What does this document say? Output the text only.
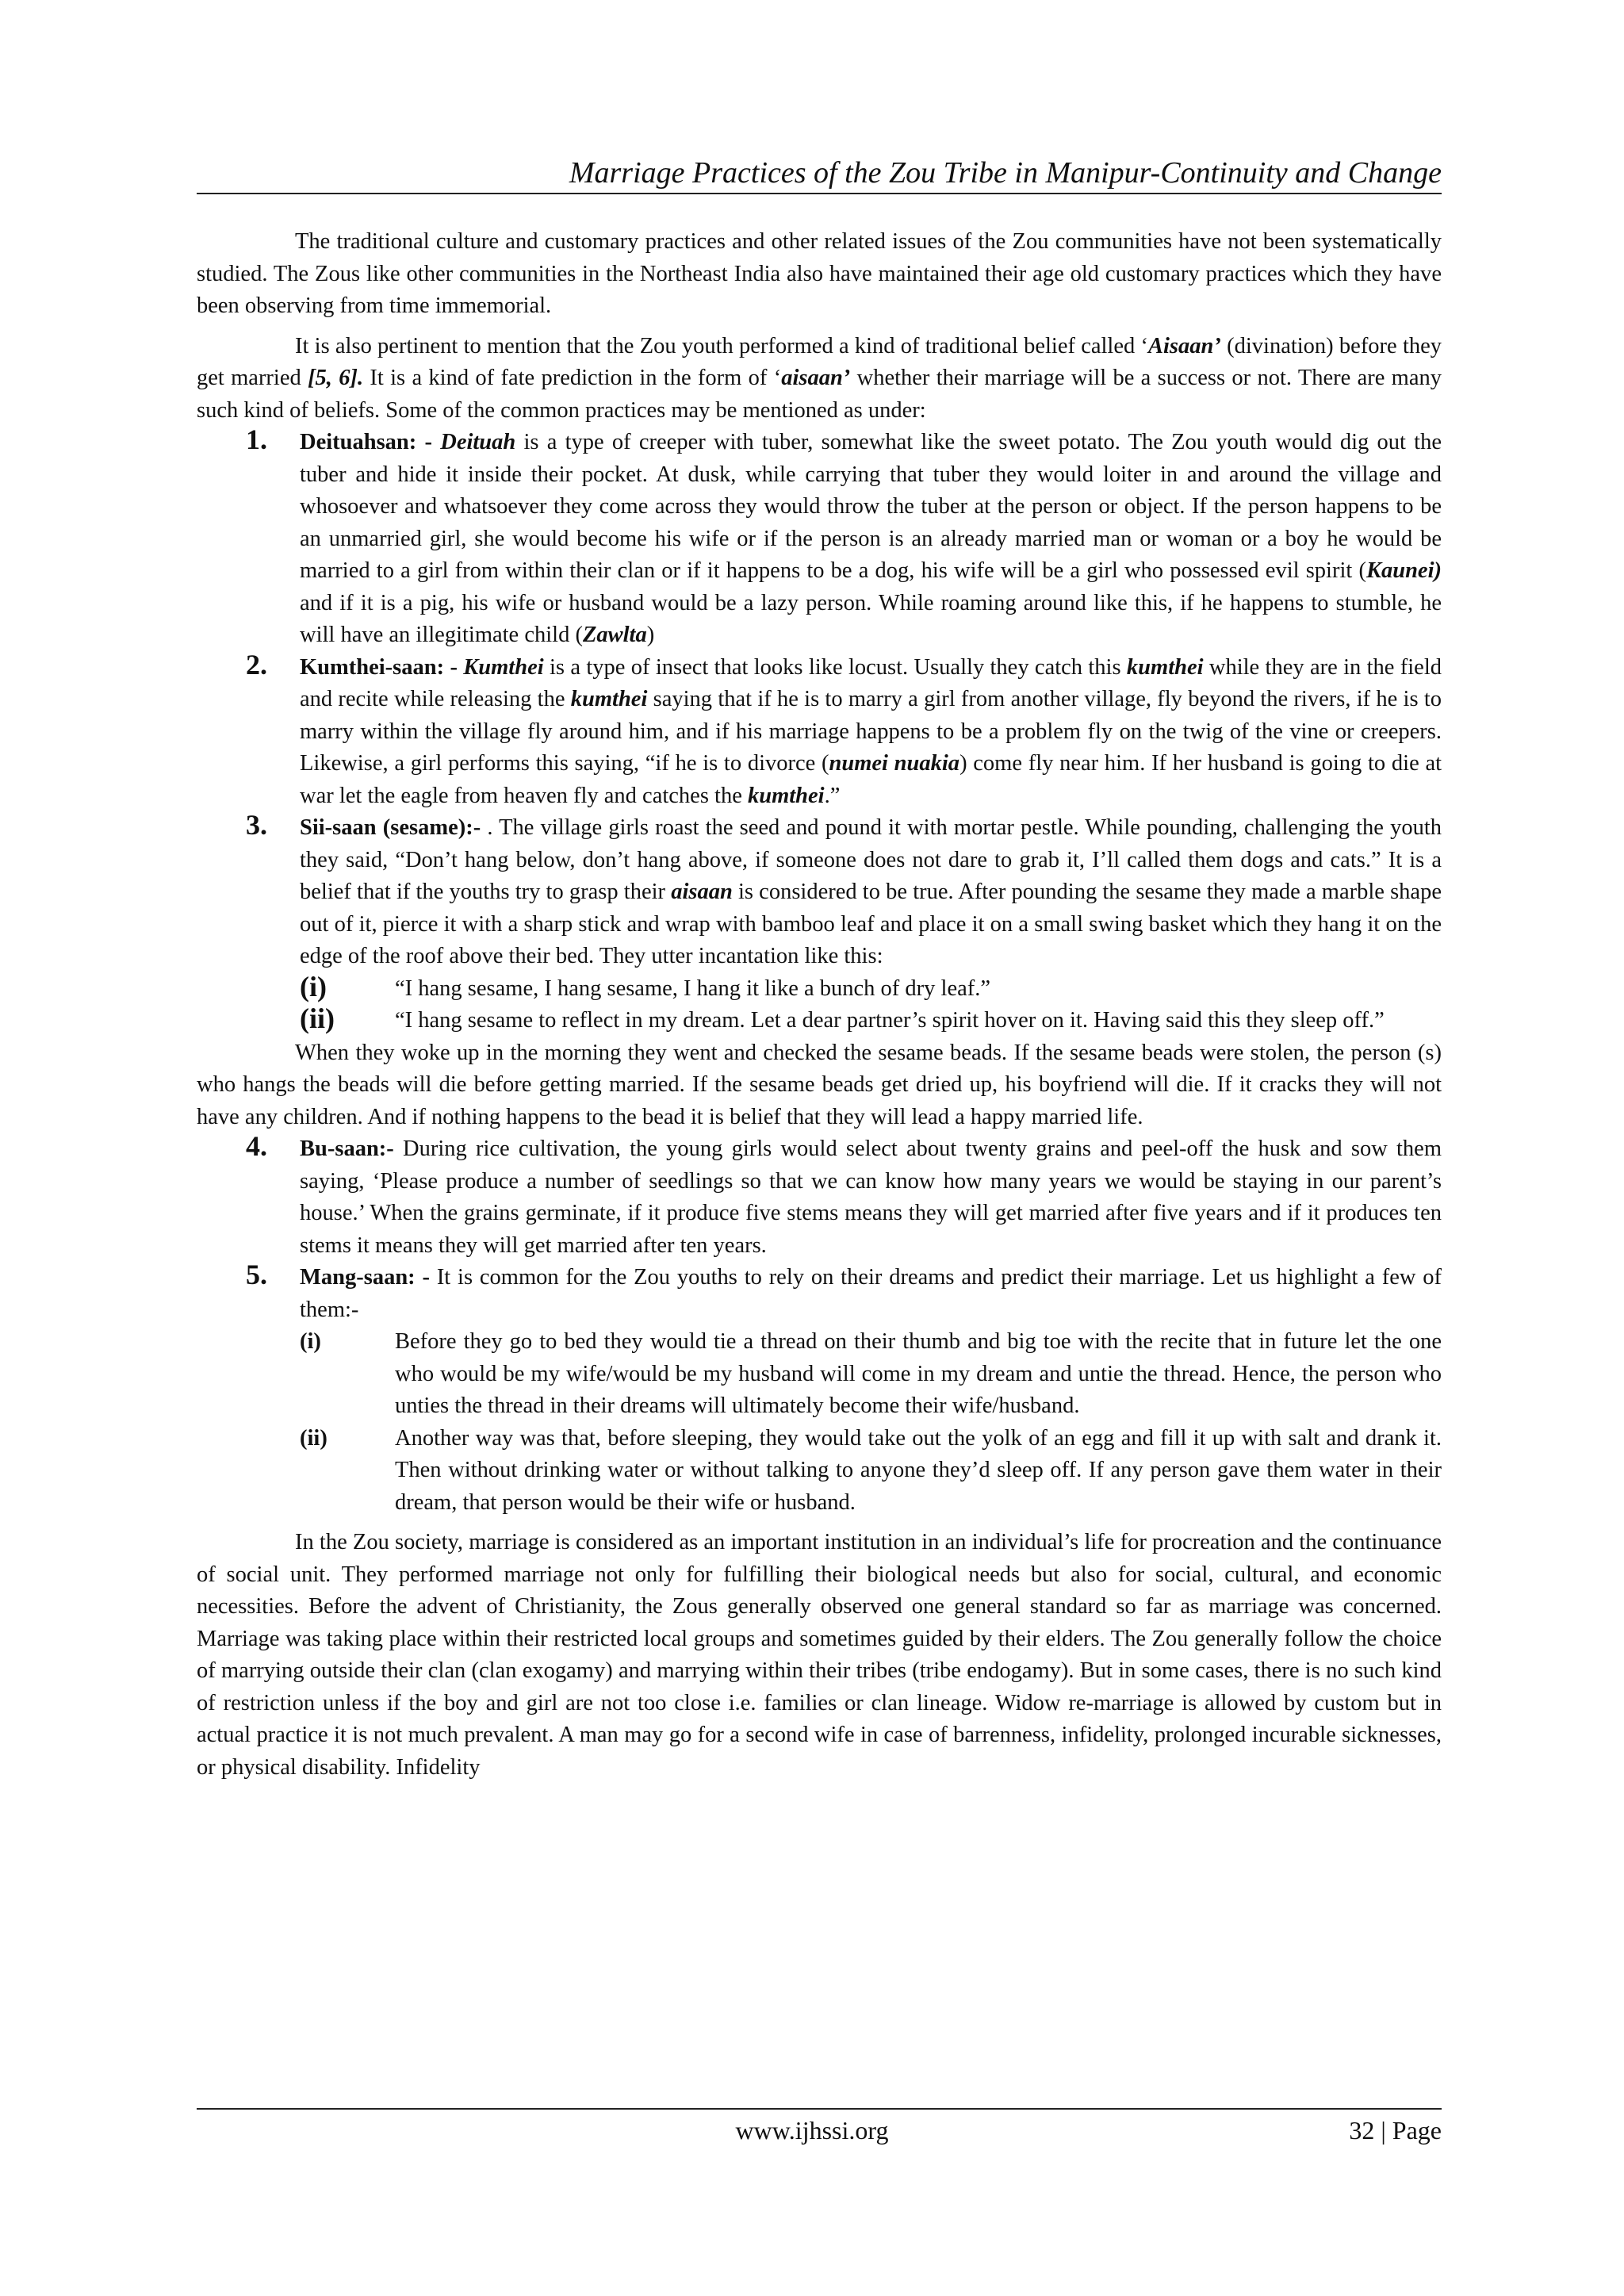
Marriage Practices of the Zou Tribe in Manipur-Continuity and Change

The traditional culture and customary practices and other related issues of the Zou communities have not been systematically studied. The Zous like other communities in the Northeast India also have maintained their age old customary practices which they have been observing from time immemorial.

It is also pertinent to mention that the Zou youth performed a kind of traditional belief called ‘Aisaan’ (divination) before they get married [5, 6]. It is a kind of fate prediction in the form of ‘aisaan’ whether their marriage will be a success or not. There are many such kind of beliefs. Some of the common practices may be mentioned as under:

1. Deituahsan: - Deituah is a type of creeper with tuber, somewhat like the sweet potato. The Zou youth would dig out the tuber and hide it inside their pocket. At dusk, while carrying that tuber they would loiter in and around the village and whosoever and whatsoever they come across they would throw the tuber at the person or object. If the person happens to be an unmarried girl, she would become his wife or if the person is an already married man or woman or a boy he would be married to a girl from within their clan or if it happens to be a dog, his wife will be a girl who possessed evil spirit (Kaunei) and if it is a pig, his wife or husband would be a lazy person. While roaming around like this, if he happens to stumble, he will have an illegitimate child (Zawlta)

2. Kumthei-saan: - Kumthei is a type of insect that looks like locust. Usually they catch this kumthei while they are in the field and recite while releasing the kumthei saying that if he is to marry a girl from another village, fly beyond the rivers, if he is to marry within the village fly around him, and if his marriage happens to be a problem fly on the twig of the vine or creepers. Likewise, a girl performs this saying, “if he is to divorce (numei nuakia) come fly near him. If her husband is going to die at war let the eagle from heaven fly and catches the kumthei.”

3. Sii-saan (sesame):- . The village girls roast the seed and pound it with mortar pestle. While pounding, challenging the youth they said, “Don’t hang below, don’t hang above, if someone does not dare to grab it, I’ll called them dogs and cats.” It is a belief that if the youths try to grasp their aisaan is considered to be true. After pounding the sesame they made a marble shape out of it, pierce it with a sharp stick and wrap with bamboo leaf and place it on a small swing basket which they hang it on the edge of the roof above their bed. They utter incantation like this:

(i)	“I hang sesame, I hang sesame, I hang it like a bunch of dry leaf.”

(ii)	“I hang sesame to reflect in my dream. Let a dear partner’s spirit hover on it. Having said this they sleep off.”

When they woke up in the morning they went and checked the sesame beads. If the sesame beads were stolen, the person (s) who hangs the beads will die before getting married. If the sesame beads get dried up, his boyfriend will die. If it cracks they will not have any children. And if nothing happens to the bead it is belief that they will lead a happy married life.

4. Bu-saan:- During rice cultivation, the young girls would select about twenty grains and peel-off the husk and sow them saying, ‘Please produce a number of seedlings so that we can know how many years we would be staying in our parent’s house.’ When the grains germinate, if it produce five stems means they will get married after five years and if it produces ten stems it means they will get married after ten years.

5. Mang-saan: - It is common for the Zou youths to rely on their dreams and predict their marriage. Let us highlight a few of them:-

(i)	Before they go to bed they would tie a thread on their thumb and big toe with the recite that in future let the one who would be my wife/would be my husband will come in my dream and untie the thread. Hence, the person who unties the thread in their dreams will ultimately become their wife/husband.

(ii)	Another way was that, before sleeping, they would take out the yolk of an egg and fill it up with salt and drank it. Then without drinking water or without talking to anyone they’d sleep off. If any person gave them water in their dream, that person would be their wife or husband.

In the Zou society, marriage is considered as an important institution in an individual’s life for procreation and the continuance of social unit. They performed marriage not only for fulfilling their biological needs but also for social, cultural, and economic necessities. Before the advent of Christianity, the Zous generally observed one general standard so far as marriage was concerned. Marriage was taking place within their restricted local groups and sometimes guided by their elders. The Zou generally follow the choice of marrying outside their clan (clan exogamy) and marrying within their tribes (tribe endogamy). But in some cases, there is no such kind of restriction unless if the boy and girl are not too close i.e. families or clan lineage. Widow re-marriage is allowed by custom but in actual practice it is not much prevalent. A man may go for a second wife in case of barrenness, infidelity, prolonged incurable sicknesses, or physical disability. Infidelity

www.ijhssi.org	32 | Page
